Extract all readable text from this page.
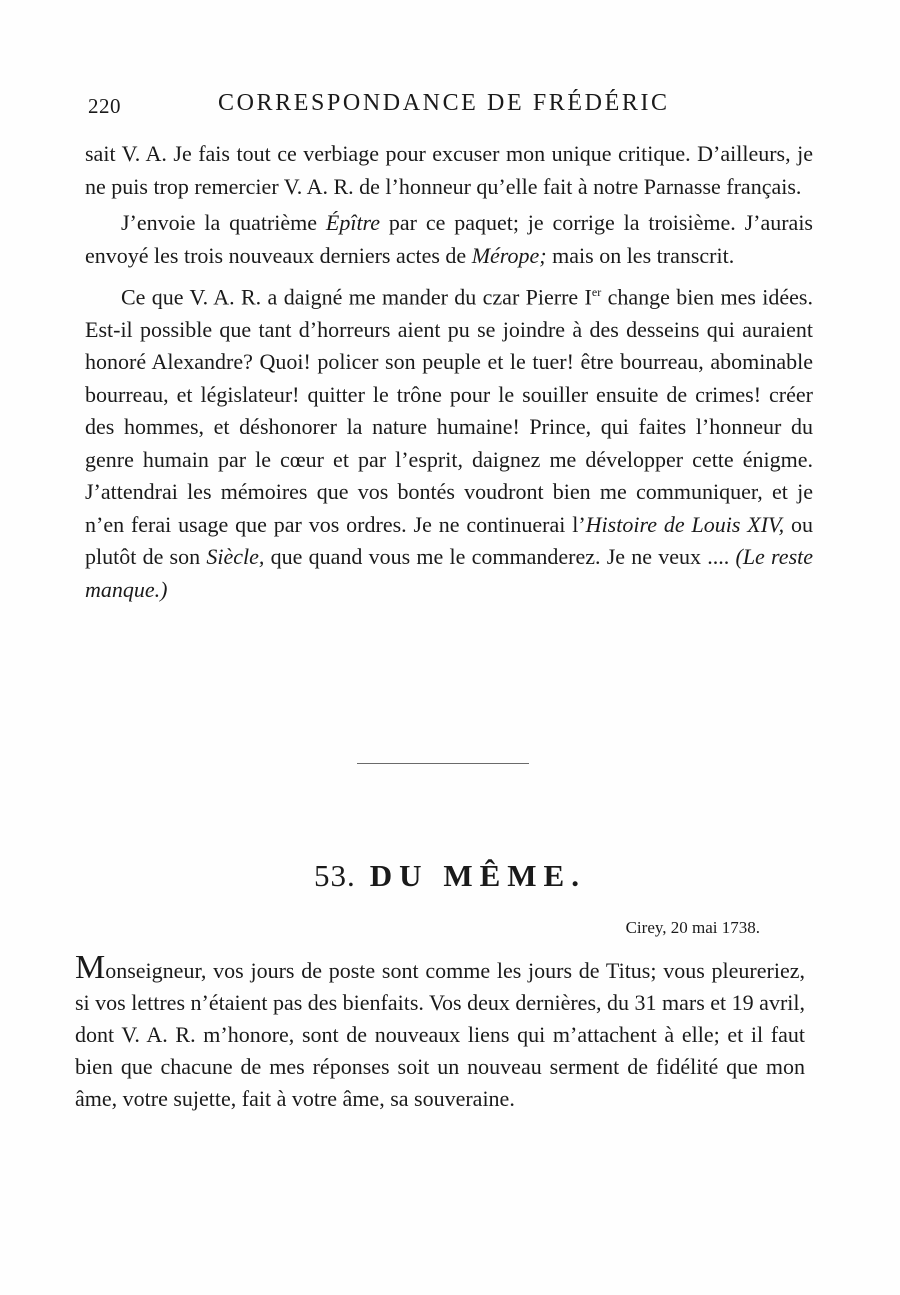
220	CORRESPONDANCE DE FRÉDÉRIC

sait V. A. Je fais tout ce verbiage pour excuser mon unique critique. D’ailleurs, je ne puis trop remercier V. A. R. de l’honneur qu’elle fait à notre Parnasse français.

J’envoie la quatrième Épître par ce paquet; je corrige la troisième. J’aurais envoyé les trois nouveaux derniers actes de Mérope; mais on les transcrit.

Ce que V. A. R. a daigné me mander du czar Pierre Ier change bien mes idées. Est-il possible que tant d’horreurs aient pu se joindre à des desseins qui auraient honoré Alexandre? Quoi! policer son peuple et le tuer! être bourreau, abominable bourreau, et législateur! quitter le trône pour le souiller ensuite de crimes! créer des hommes, et déshonorer la nature humaine! Prince, qui faites l’honneur du genre humain par le cœur et par l’esprit, daignez me développer cette énigme. J’attendrai les mémoires que vos bontés voudront bien me communiquer, et je n’en ferai usage que par vos ordres. Je ne continuerai l’Histoire de Louis XIV, ou plutôt de son Siècle, que quand vous me le commanderez. Je ne veux .... (Le reste manque.)

53. DU MÊME.
Cirey, 20 mai 1738.

Monseigneur, vos jours de poste sont comme les jours de Titus; vous pleureriez, si vos lettres n’étaient pas des bienfaits. Vos deux dernières, du 31 mars et 19 avril, dont V. A. R. m’honore, sont de nouveaux liens qui m’attachent à elle; et il faut bien que chacune de mes réponses soit un nouveau serment de fidélité que mon âme, votre sujette, fait à votre âme, sa souveraine.
